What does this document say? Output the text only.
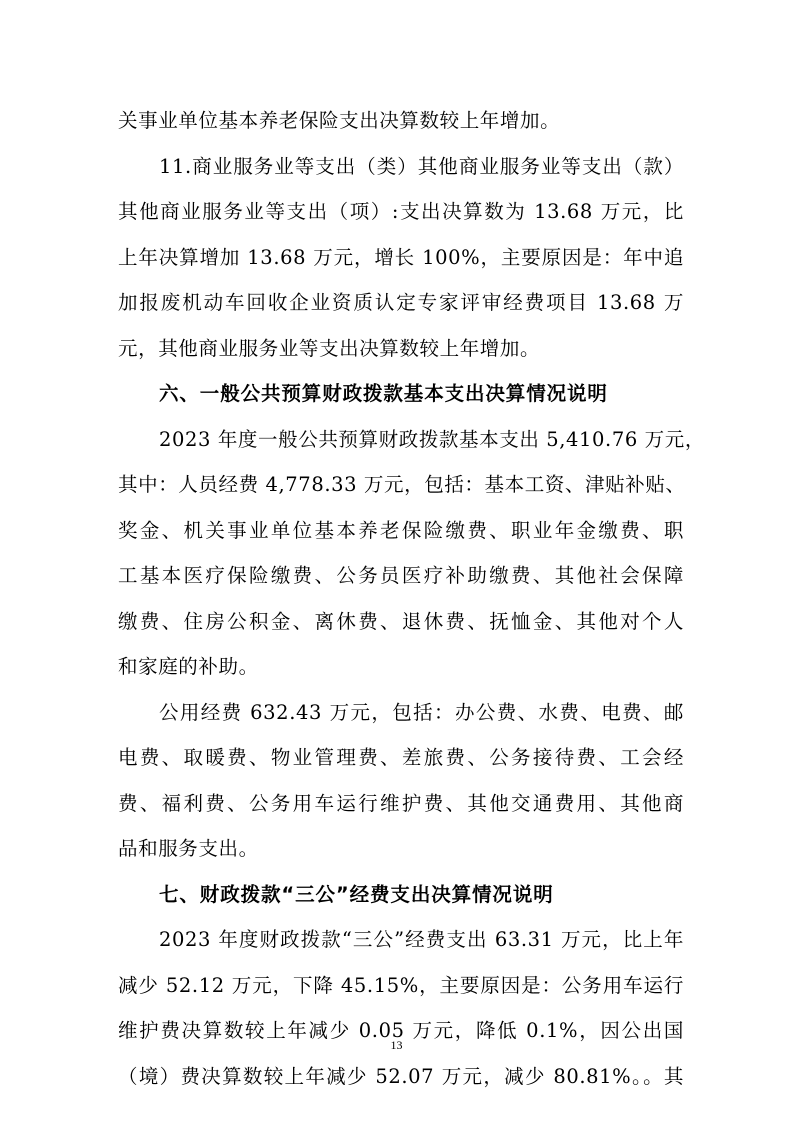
关事业单位基本养老保险支出决算数较上年增加。
11.商业服务业等支出（类）其他商业服务业等支出（款）
其他商业服务业等支出（项）:支出决算数为 13.68 万元，比
上年决算增加 13.68 万元，增长 100%，主要原因是：年中追
加报废机动车回收企业资质认定专家评审经费项目 13.68 万
元，其他商业服务业等支出决算数较上年增加。
六、一般公共预算财政拨款基本支出决算情况说明
2023 年度一般公共预算财政拨款基本支出 5,410.76 万元，
其中：人员经费 4,778.33 万元，包括：基本工资、津贴补贴、
奖金、机关事业单位基本养老保险缴费、职业年金缴费、职
工基本医疗保险缴费、公务员医疗补助缴费、其他社会保障
缴费、住房公积金、离休费、退休费、抚恤金、其他对个人
和家庭的补助。
公用经费 632.43 万元，包括：办公费、水费、电费、邮
电费、取暖费、物业管理费、差旅费、公务接待费、工会经
费、福利费、公务用车运行维护费、其他交通费用、其他商
品和服务支出。
七、财政拨款“三公”经费支出决算情况说明
2023 年度财政拨款“三公”经费支出 63.31 万元，比上年
减少 52.12 万元，下降 45.15%，主要原因是：公务用车运行
维护费决算数较上年减少 0.05 万元，降低 0.1%，因公出国
（境）费决算数较上年减少 52.07 万元，减少 80.81%。。其
13
